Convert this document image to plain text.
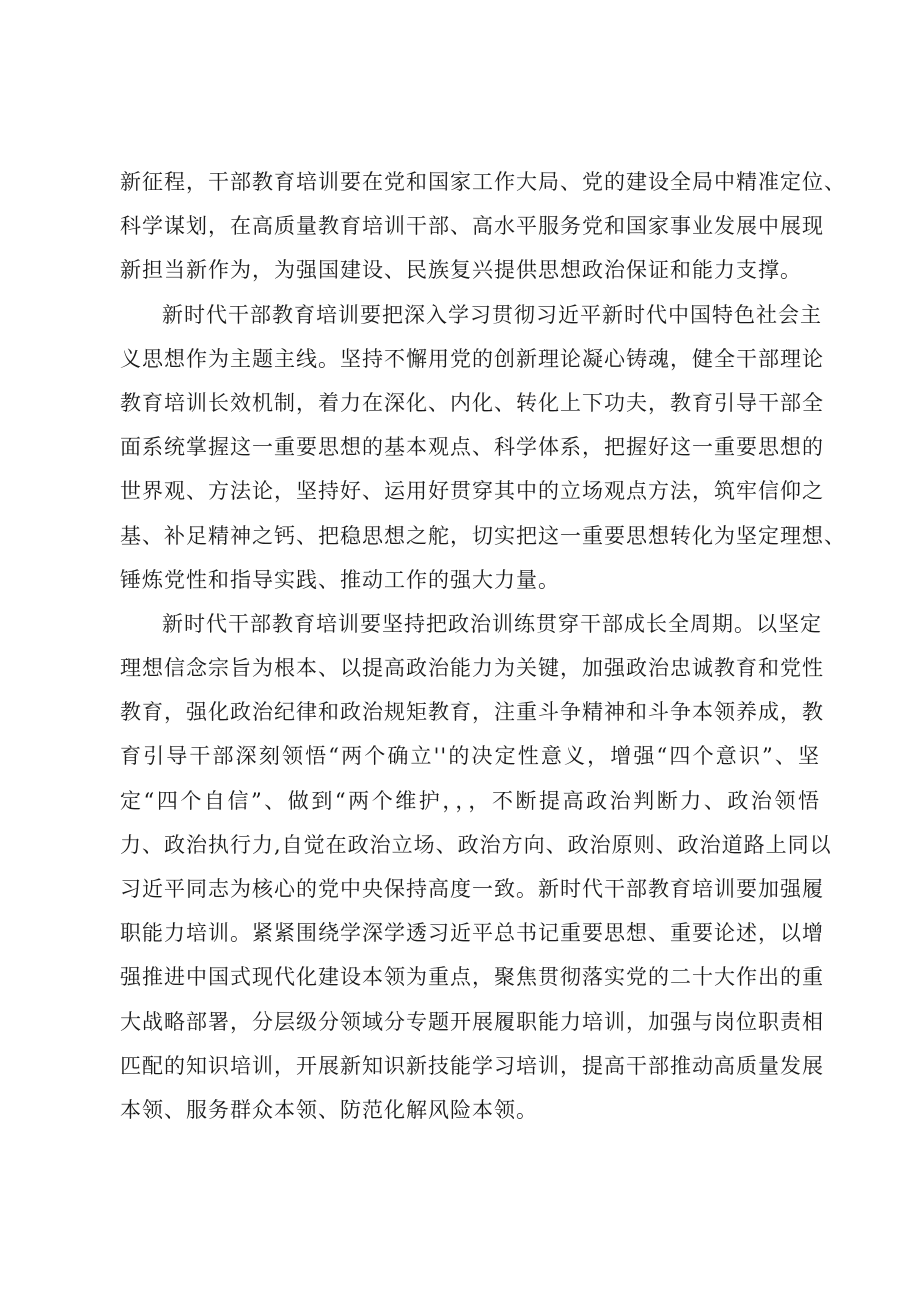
新征程，干部教育培训要在党和国家工作大局、党的建设全局中精准定位、
科学谋划，在高质量教育培训干部、高水平服务党和国家事业发展中展现
新担当新作为，为强国建设、民族复兴提供思想政治保证和能力支撑。
新时代干部教育培训要把深入学习贯彻习近平新时代中国特色社会主
义思想作为主题主线。坚持不懈用党的创新理论凝心铸魂，健全干部理论
教育培训长效机制，着力在深化、内化、转化上下功夫，教育引导干部全
面系统掌握这一重要思想的基本观点、科学体系，把握好这一重要思想的
世界观、方法论，坚持好、运用好贯穿其中的立场观点方法，筑牢信仰之
基、补足精神之钙、把稳思想之舵，切实把这一重要思想转化为坚定理想、
锤炼党性和指导实践、推动工作的强大力量。
新时代干部教育培训要坚持把政治训练贯穿干部成长全周期。以坚定
理想信念宗旨为根本、以提高政治能力为关键，加强政治忠诚教育和党性
教育，强化政治纪律和政治规矩教育，注重斗争精神和斗争本领养成，教
育引导干部深刻领悟“两个确立''的决定性意义，增强“四个意识”、坚
定“四个自信”、做到“两个维护，，，不断提高政治判断力、政治领悟
力、政治执行力,自觉在政治立场、政治方向、政治原则、政治道路上同以
习近平同志为核心的党中央保持高度一致。新时代干部教育培训要加强履
职能力培训。紧紧围绕学深学透习近平总书记重要思想、重要论述，以增
强推进中国式现代化建设本领为重点，聚焦贯彻落实党的二十大作出的重
大战略部署，分层级分领域分专题开展履职能力培训，加强与岗位职责相
匹配的知识培训，开展新知识新技能学习培训，提高干部推动高质量发展
本领、服务群众本领、防范化解风险本领。
